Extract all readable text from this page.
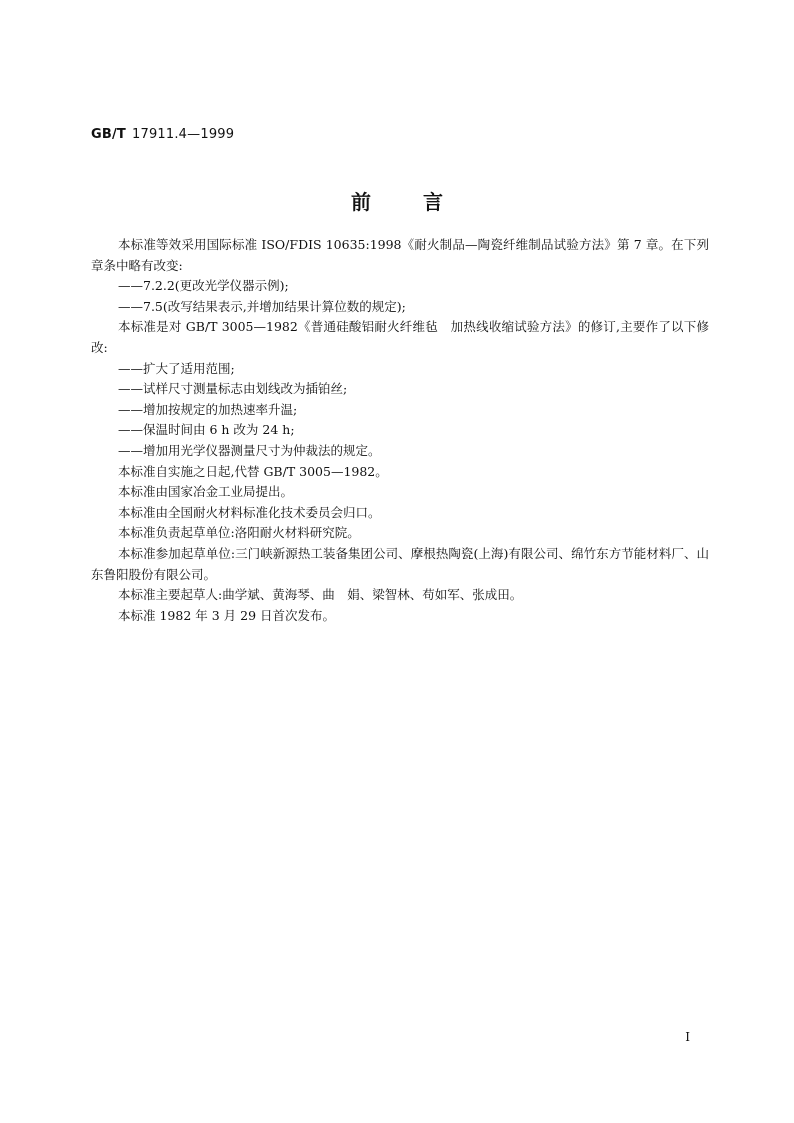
GB/T 17911.4—1999
前言

本标准等效采用国际标准 ISO/FDIS 10635:1998《耐火制品—陶瓷纤维制品试验方法》第 7 章。在下列章条中略有改变:

——7.2.2(更改光学仪器示例);

——7.5(改写结果表示,并增加结果计算位数的规定);

本标准是对 GB/T 3005—1982《普通硅酸铝耐火纤维毡　加热线收缩试验方法》的修订,主要作了以下修改:

——扩大了适用范围;

——试样尺寸测量标志由划线改为插铂丝;

——增加按规定的加热速率升温;

——保温时间由 6 h 改为 24 h;

——增加用光学仪器测量尺寸为仲裁法的规定。

本标准自实施之日起,代替 GB/T 3005—1982。

本标准由国家冶金工业局提出。

本标准由全国耐火材料标准化技术委员会归口。

本标准负责起草单位:洛阳耐火材料研究院。

本标准参加起草单位:三门峡新源热工装备集团公司、摩根热陶瓷(上海)有限公司、绵竹东方节能材料厂、山东鲁阳股份有限公司。

本标准主要起草人:曲学斌、黄海琴、曲　娟、梁智林、苟如军、张成田。

本标准 1982 年 3 月 29 日首次发布。

I
